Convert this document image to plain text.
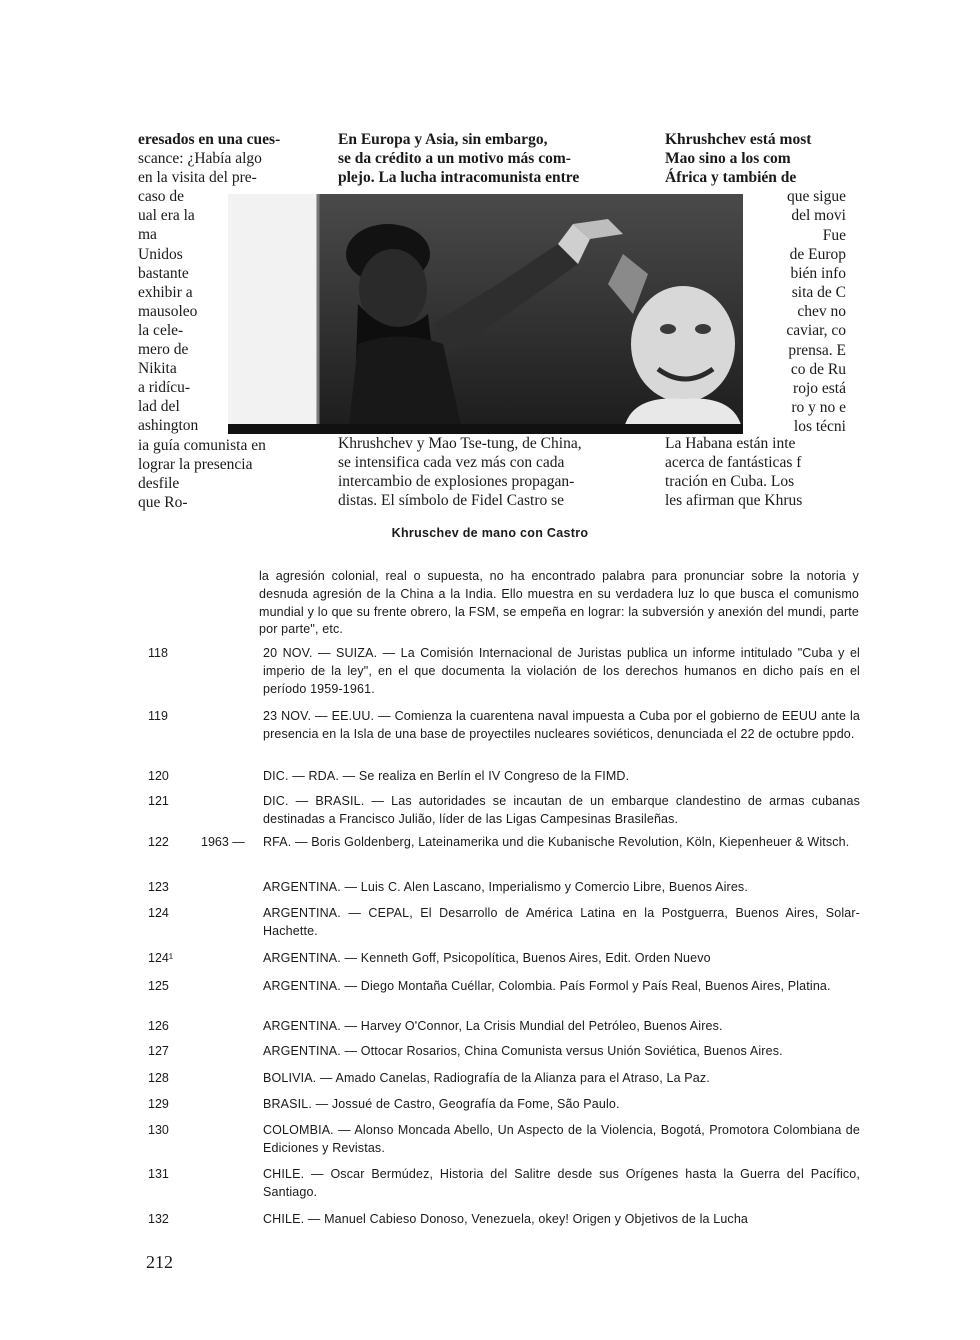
eresados en una cues-
scance: ¿Había algo
en la visita del pre-
caso de
ual era la
ma
Unidos
bastante
exhibir a
mausoleo
la cele-
mero de
Nikita
a ridícu-
lad del
ashington
ia guía comunista en
lograr la presencia
desfile
que Ro-
En Europa y Asia, sin embargo,
se da crédito a un motivo más com-
plejo. La lucha intracomunista entre
Khrushchev y Mao Tse-tung, de China,
se intensifica cada vez más con cada
intercambio de explosiones propagan-
distas. El símbolo de Fidel Castro se
Khrushchev está most
Mao sino a los com
África y también de
que sigue
del movi
Fue
de Europ
bién info
sita de C
chev no
caviar, co
prensa. E
co de Ru
rojo está
ro y no e
los técni
La Habana están inte
acerca de fantásticas f
tración en Cuba. Los
les afirman que Khrus
Khruschev de mano con Castro
la agresión colonial, real o supuesta, no ha encontrado palabra para pronunciar sobre la notoria y desnuda agresión de la China a la India. Ello muestra en su verdadera luz lo que busca el comunismo mundial y lo que su frente obrero, la FSM, se empeña en lograr: la subversión y anexión del mundi, parte por parte", etc.
118	20 NOV. — SUIZA. — La Comisión Internacional de Juristas publica un informe intitulado "Cuba y el imperio de la ley", en el que documenta la violación de los derechos humanos en dicho país en el período 1959-1961.
119	23 NOV. — EE.UU. — Comienza la cuarentena naval impuesta a Cuba por el gobierno de EEUU ante la presencia en la Isla de una base de proyectiles nucleares soviéticos, denunciada el 22 de octubre ppdo.
120	DIC. — RDA. — Se realiza en Berlín el IV Congreso de la FIMD.
121	DIC. — BRASIL. — Las autoridades se incautan de un embarque clandestino de armas cubanas destinadas a Francisco Julião, líder de las Ligas Campesinas Brasileñas.
122	1963 — RFA. — Boris Goldenberg, Lateinamerika und die Kubanische Revolution, Köln, Kiepenheuer & Witsch.
123	ARGENTINA. — Luis C. Alen Lascano, Imperialismo y Comercio Libre, Buenos Aires.
124	ARGENTINA. — CEPAL, El Desarrollo de América Latina en la Postguerra, Buenos Aires, Solar-Hachette.
124¹	ARGENTINA. — Kenneth Goff, Psicopolítica, Buenos Aires, Edit. Orden Nuevo
125	ARGENTINA. — Diego Montaña Cuéllar, Colombia. País Formol y País Real, Buenos Aires, Platina.
126	ARGENTINA. — Harvey O'Connor, La Crisis Mundial del Petróleo, Buenos Aires.
127	ARGENTINA. — Ottocar Rosarios, China Comunista versus Unión Soviética, Buenos Aires.
128	BOLIVIA. — Amado Canelas, Radiografía de la Alianza para el Atraso, La Paz.
129	BRASIL. — Jossué de Castro, Geografía da Fome, São Paulo.
130	COLOMBIA. — Alonso Moncada Abello, Un Aspecto de la Violencia, Bogotá, Promotora Colombiana de Ediciones y Revistas.
131	CHILE. — Oscar Bermúdez, Historia del Salitre desde sus Orígenes hasta la Guerra del Pacífico, Santiago.
132	CHILE. — Manuel Cabieso Donoso, Venezuela, okey! Origen y Objetivos de la Lucha
212
